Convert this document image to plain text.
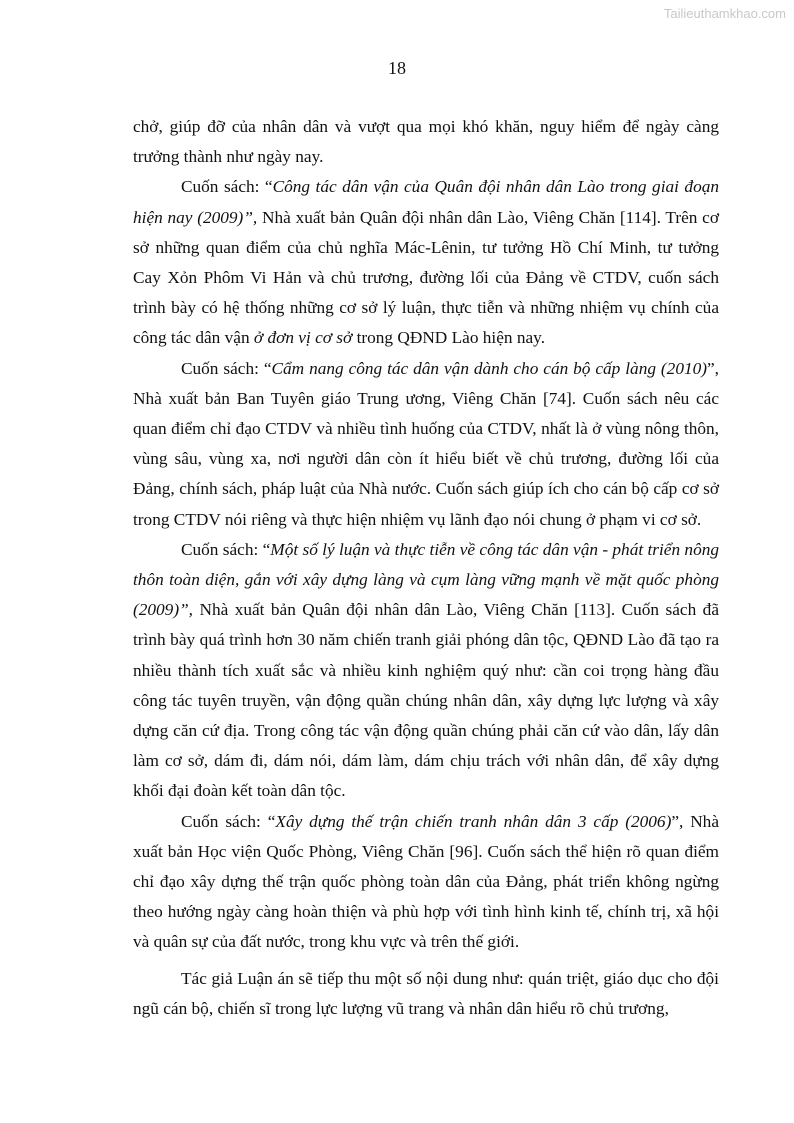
Tailieuthamkhao.com
18

chở, giúp đỡ của nhân dân và vượt qua mọi khó khăn, nguy hiểm để ngày càng trưởng thành như ngày nay.

Cuốn sách: “Công tác dân vận của Quân đội nhân dân Lào trong giai đoạn hiện nay (2009)”, Nhà xuất bản Quân đội nhân dân Lào, Viêng Chăn [114]. Trên cơ sở những quan điểm của chủ nghĩa Mác-Lênin, tư tưởng Hồ Chí Minh, tư tưởng Cay Xỏn Phôm Vi Hản và chủ trương, đường lối của Đảng về CTDV, cuốn sách trình bày có hệ thống những cơ sở lý luận, thực tiễn và những nhiệm vụ chính của công tác dân vận ở đơn vị cơ sở trong QĐND Lào hiện nay.

Cuốn sách: “Cẩm nang công tác dân vận dành cho cán bộ cấp làng (2010)”, Nhà xuất bản Ban Tuyên giáo Trung ương, Viêng Chăn [74]. Cuốn sách nêu các quan điểm chỉ đạo CTDV và nhiều tình huống của CTDV, nhất là ở vùng nông thôn, vùng sâu, vùng xa, nơi người dân còn ít hiểu biết về chủ trương, đường lối của Đảng, chính sách, pháp luật của Nhà nước. Cuốn sách giúp ích cho cán bộ cấp cơ sở trong CTDV nói riêng và thực hiện nhiệm vụ lãnh đạo nói chung ở phạm vi cơ sở.

Cuốn sách: “Một số lý luận và thực tiễn về công tác dân vận - phát triển nông thôn toàn diện, gắn với xây dựng làng và cụm làng vững mạnh về mặt quốc phòng (2009)”, Nhà xuất bản Quân đội nhân dân Lào, Viêng Chăn [113]. Cuốn sách đã trình bày quá trình hơn 30 năm chiến tranh giải phóng dân tộc, QĐND Lào đã tạo ra nhiều thành tích xuất sắc và nhiều kinh nghiệm quý như: cần coi trọng hàng đầu công tác tuyên truyền, vận động quần chúng nhân dân, xây dựng lực lượng và xây dựng căn cứ địa. Trong công tác vận động quần chúng phải căn cứ vào dân, lấy dân làm cơ sở, dám đi, dám nói, dám làm, dám chịu trách với nhân dân, để xây dựng khối đại đoàn kết toàn dân tộc.

Cuốn sách: “Xây dựng thế trận chiến tranh nhân dân 3 cấp (2006)”, Nhà xuất bản Học viện Quốc Phòng, Viêng Chăn [96]. Cuốn sách thể hiện rõ quan điểm chỉ đạo xây dựng thế trận quốc phòng toàn dân của Đảng, phát triển không ngừng theo hướng ngày càng hoàn thiện và phù hợp với tình hình kinh tế, chính trị, xã hội và quân sự của đất nước, trong khu vực và trên thế giới.

Tác giả Luận án sẽ tiếp thu một số nội dung như: quán triệt, giáo dục cho đội ngũ cán bộ, chiến sĩ trong lực lượng vũ trang và nhân dân hiểu rõ chủ trương,
